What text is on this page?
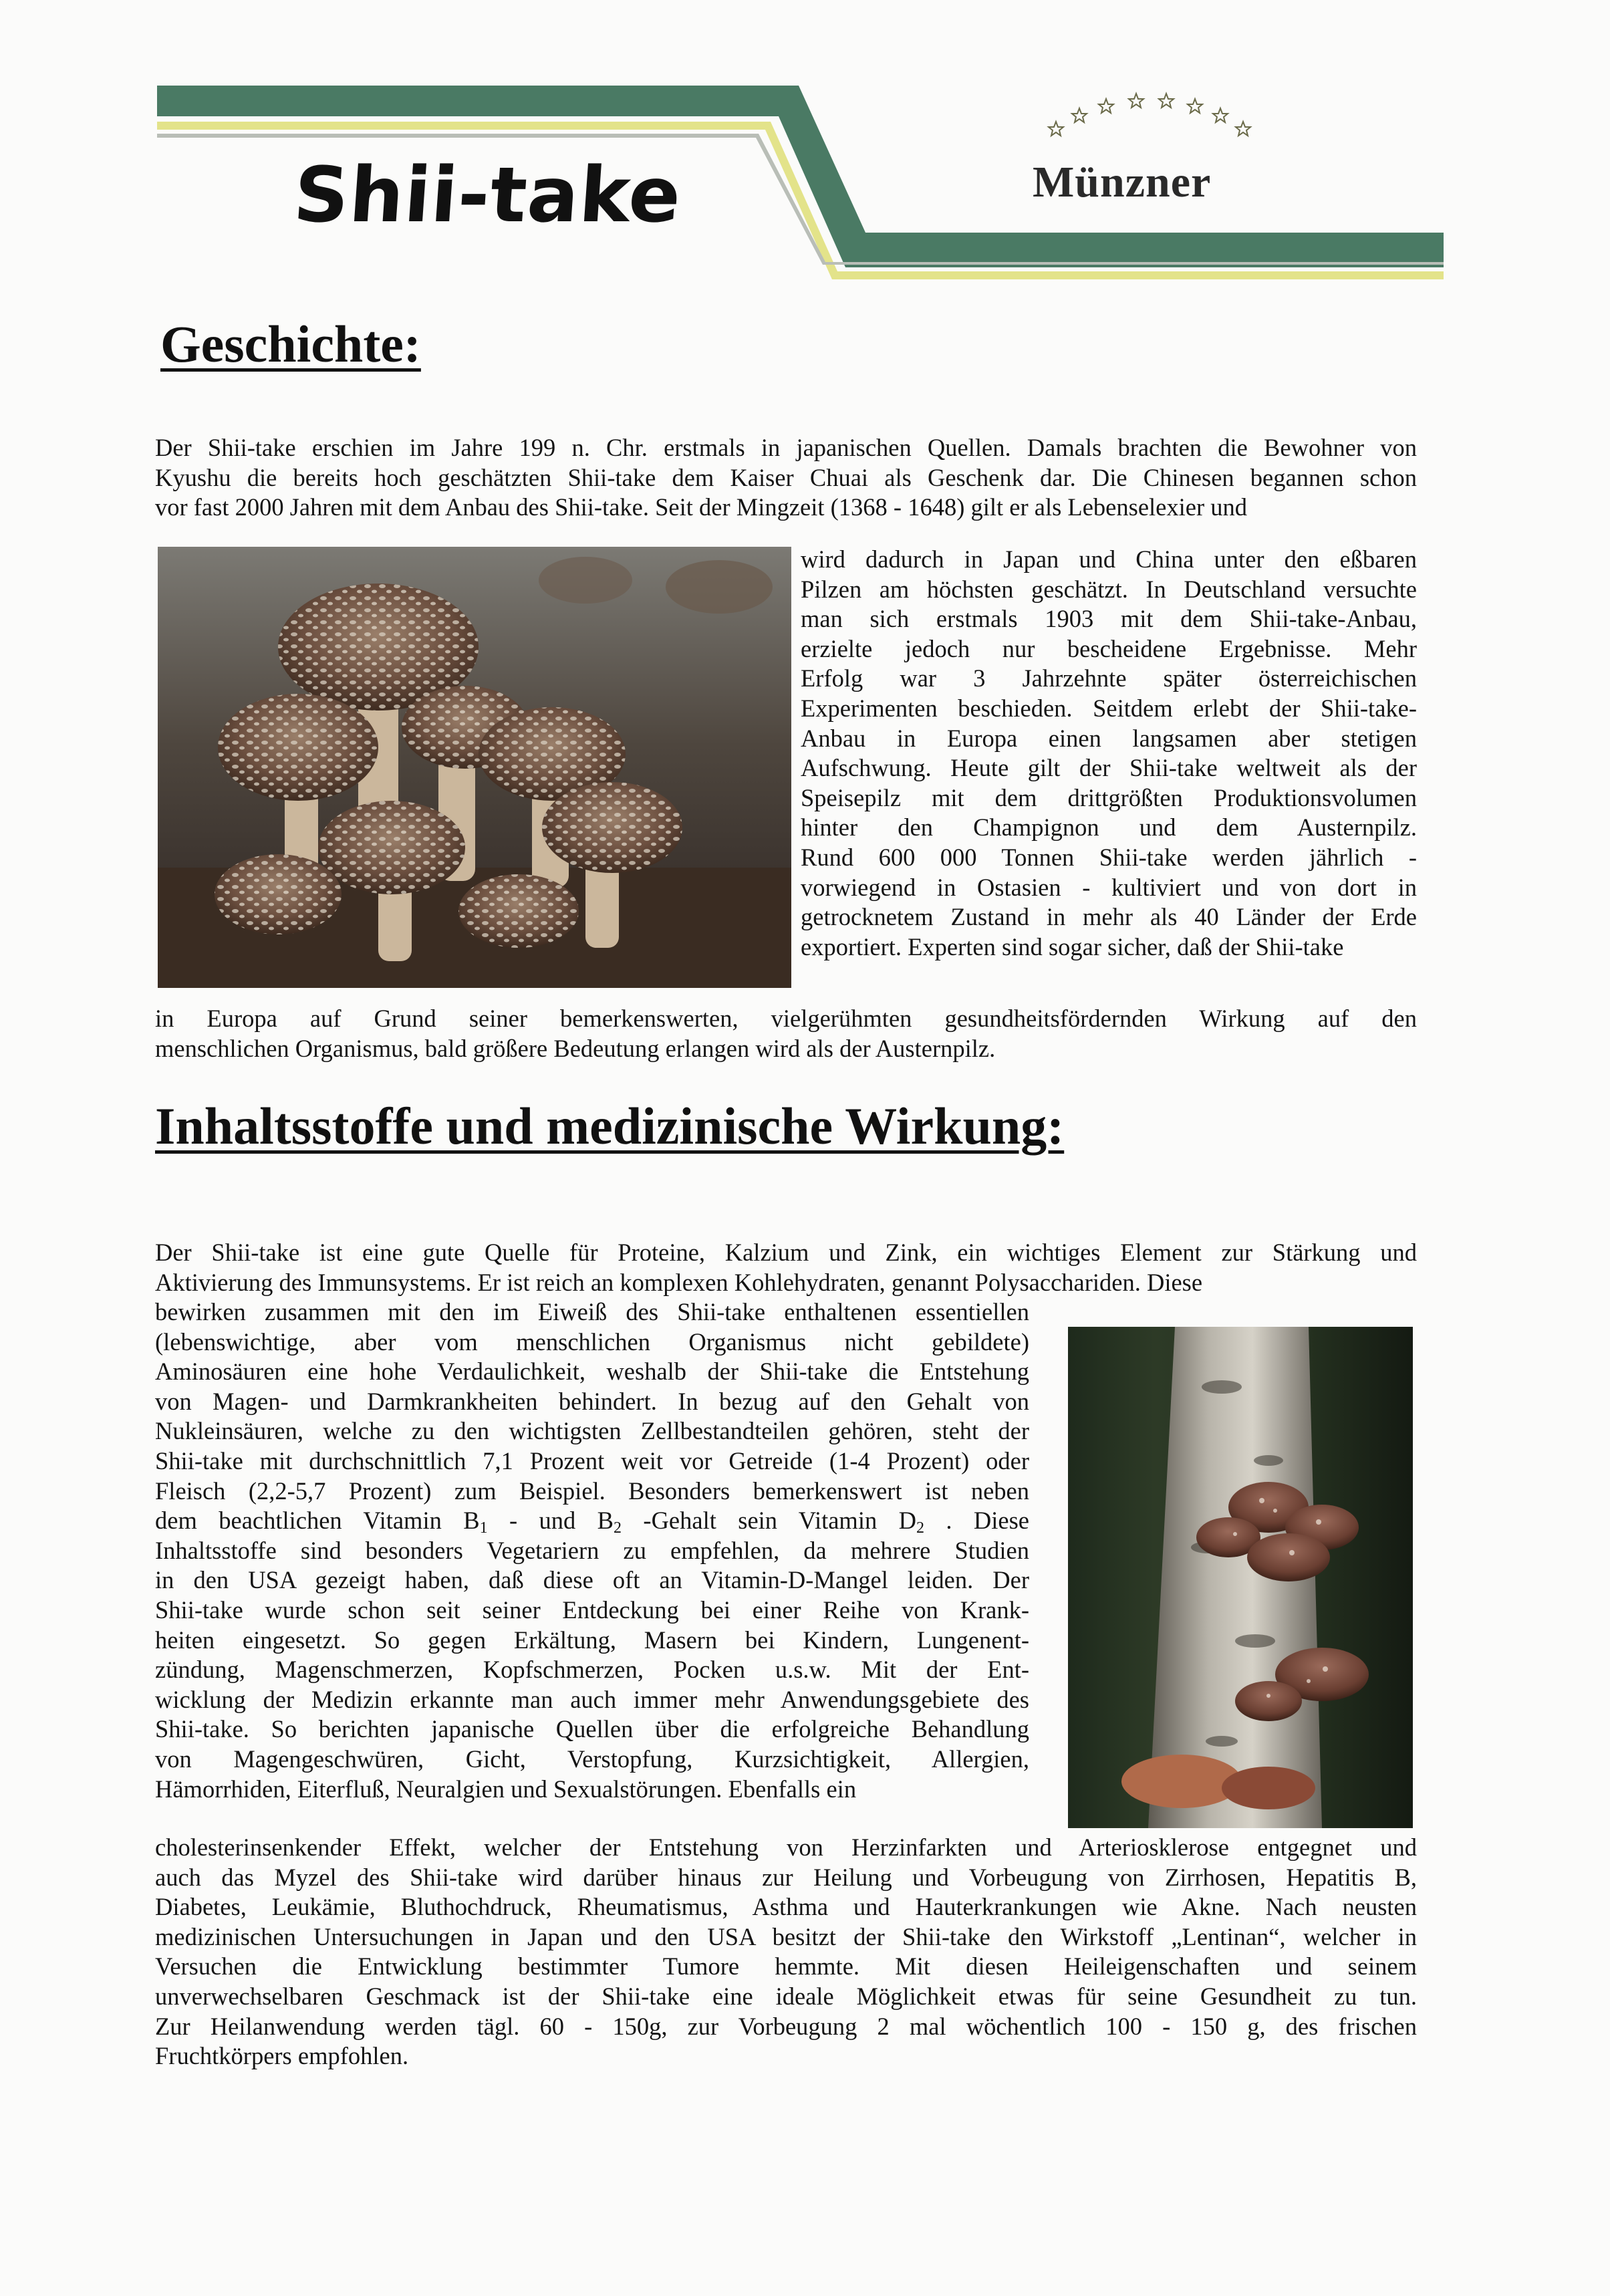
Shii-take	Münzner
Geschichte:

Der Shii-take erschien im Jahre 199 n. Chr. erstmals in japanischen Quellen. Damals brachten die Bewohner von

Kyushu die bereits hoch geschätzten Shii-take dem Kaiser Chuai als Geschenk dar. Die Chinesen begannen schon

vor fast 2000 Jahren mit dem Anbau des Shii-take. Seit der Mingzeit (1368 - 1648) gilt er als Lebenselexier und

wird dadurch in Japan und China unter den eßbaren

Pilzen am höchsten geschätzt. In Deutschland versuchte

man sich erstmals 1903 mit dem Shii-take-Anbau,

erzielte jedoch nur bescheidene Ergebnisse. Mehr

Erfolg war 3 Jahrzehnte später österreichischen

Experimenten beschieden. Seitdem erlebt der Shii-take-

Anbau in Europa einen langsamen aber stetigen

Aufschwung. Heute gilt der Shii-take weltweit als der

Speisepilz mit dem drittgrößten Produktionsvolumen

hinter den Champignon und dem Austernpilz.

Rund 600 000 Tonnen Shii-take werden jährlich -

vorwiegend in Ostasien - kultiviert und von dort in

getrocknetem Zustand in mehr als 40 Länder der Erde

exportiert. Experten sind sogar sicher, daß der Shii-take

in Europa auf Grund seiner bemerkenswerten, vielgerühmten gesundheitsfördernden Wirkung auf den

menschlichen Organismus, bald größere Bedeutung erlangen wird als der Austernpilz.

Inhaltsstoffe und medizinische Wirkung:

Der Shii-take ist eine gute Quelle für Proteine, Kalzium und Zink, ein wichtiges Element zur Stärkung und

Aktivierung des Immunsystems. Er ist reich an komplexen Kohlehydraten, genannt Polysacchariden. Diese

bewirken zusammen mit den im Eiweiß des Shii-take enthaltenen essentiellen

(lebenswichtige, aber vom menschlichen Organismus nicht gebildete)

Aminosäuren eine hohe Verdaulichkeit, weshalb der Shii-take die Entstehung

von Magen- und Darmkrankheiten behindert. In bezug auf den Gehalt von

Nukleinsäuren, welche zu den wichtigsten Zellbestandteilen gehören, steht der

Shii-take mit durchschnittlich 7,1 Prozent weit vor Getreide (1-4 Prozent) oder

Fleisch (2,2-5,7 Prozent) zum Beispiel. Besonders bemerkenswert ist neben

dem beachtlichen Vitamin $B_1$ - und $B_2$ -Gehalt sein Vitamin $D_2$ . Diese

Inhaltsstoffe sind besonders Vegetariern zu empfehlen, da mehrere Studien

in den USA gezeigt haben, daß diese oft an Vitamin-D-Mangel leiden. Der

Shii-take wurde schon seit seiner Entdeckung bei einer Reihe von Krank-

heiten eingesetzt. So gegen Erkältung, Masern bei Kindern, Lungenent-

zündung, Magenschmerzen, Kopfschmerzen, Pocken u.s.w. Mit der Ent-

wicklung der Medizin erkannte man auch immer mehr Anwendungsgebiete des

Shii-take. So berichten japanische Quellen über die erfolgreiche Behandlung

von Magengeschwüren, Gicht, Verstopfung, Kurzsichtigkeit, Allergien,

Hämorrhiden, Eiterfluß, Neuralgien und Sexualstörungen. Ebenfalls ein

cholesterinsenkender Effekt, welcher der Entstehung von Herzinfarkten und Arteriosklerose entgegnet und

auch das Myzel des Shii-take wird darüber hinaus zur Heilung und Vorbeugung von Zirrhosen, Hepatitis B,

Diabetes, Leukämie, Bluthochdruck, Rheumatismus, Asthma und Hauterkrankungen wie Akne. Nach neusten

medizinischen Untersuchungen in Japan und den USA besitzt der Shii-take den Wirkstoff „Lentinan“, welcher in

Versuchen die Entwicklung bestimmter Tumore hemmte. Mit diesen Heileigenschaften und seinem

unverwechselbaren Geschmack ist der Shii-take eine ideale Möglichkeit etwas für seine Gesundheit zu tun.

Zur Heilanwendung werden tägl. 60 - 150g, zur Vorbeugung 2 mal wöchentlich 100 - 150 g, des frischen

Fruchtkörpers empfohlen.
